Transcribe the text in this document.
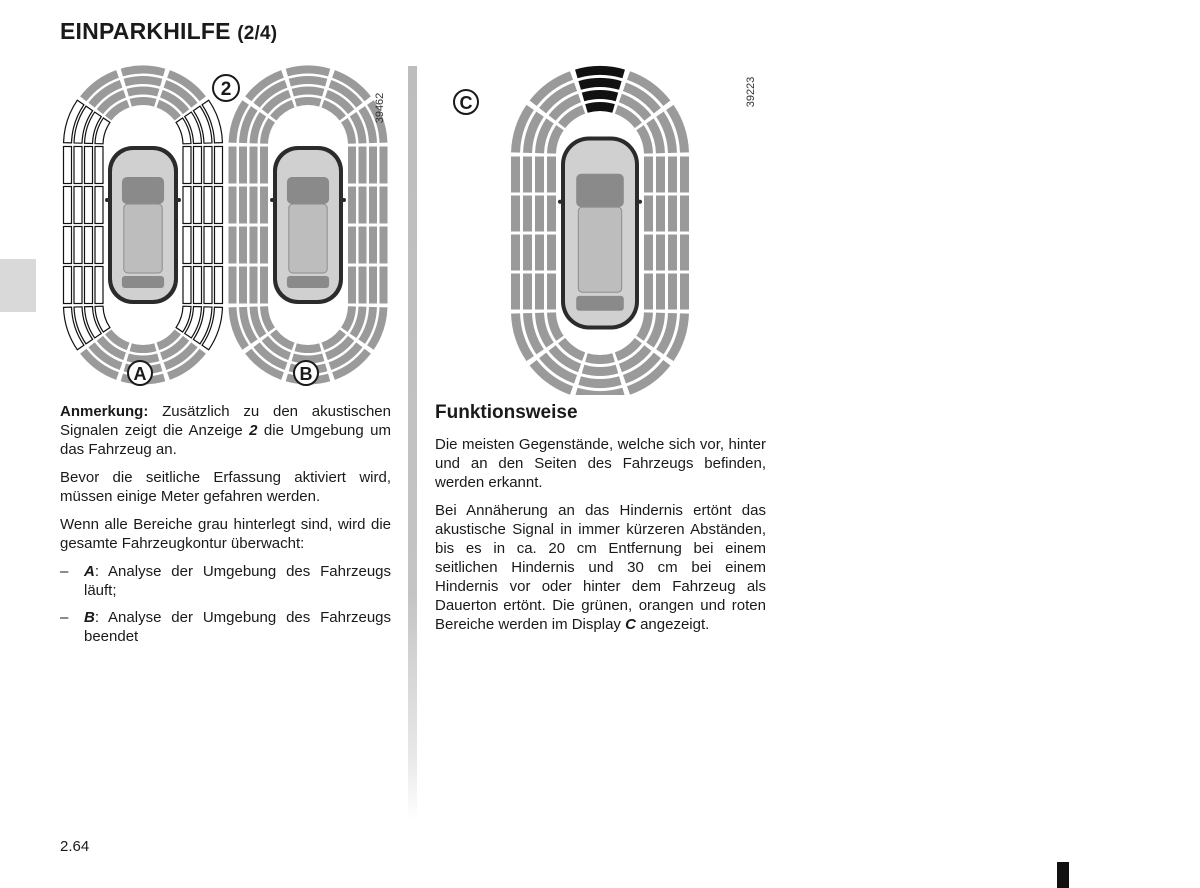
EINPARKHILFE (2/4)
2
A	B
39462	C	39223

Anmerkung: Zusätzlich zu den akustischen Signalen zeigt die Anzeige 2 die Umgebung um das Fahrzeug an.

Bevor die seitliche Erfassung aktiviert wird, müssen einige Meter gefahren werden.

Wenn alle Bereiche grau hinterlegt sind, wird die gesamte Fahrzeugkontur überwacht:

–	A: Analyse der Umgebung des Fahrzeugs läuft;
–	B: Analyse der Umgebung des Fahrzeugs beendet
Funktionsweise

Die meisten Gegenstände, welche sich vor, hinter und an den Seiten des Fahrzeugs befinden, werden erkannt.

Bei Annäherung an das Hindernis ertönt das akustische Signal in immer kürzeren Abständen, bis es in ca. 20 cm Entfernung bei einem seitlichen Hindernis und 30 cm bei einem Hindernis vor oder hinter dem Fahrzeug als Dauerton ertönt. Die grünen, orangen und roten Bereiche werden im Display C angezeigt.

2.64
